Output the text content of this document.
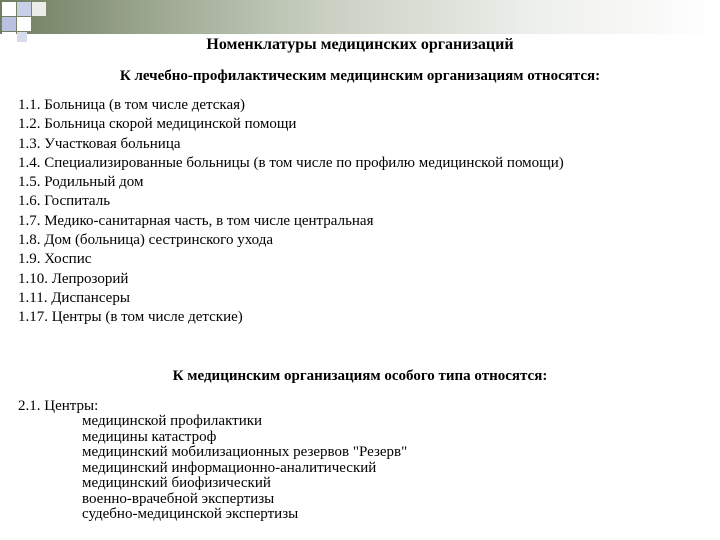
Номенклатуры медицинских организаций
К лечебно-профилактическим медицинским организациям относятся:
1.1. Больница (в том числе детская)
1.2. Больница скорой медицинской помощи
1.3. Участковая больница
1.4. Специализированные больницы (в том числе по профилю медицинской помощи)
1.5. Родильный дом
1.6. Госпиталь
1.7. Медико-санитарная часть, в том числе центральная
1.8. Дом (больница) сестринского ухода
1.9. Хоспис
1.10. Лепрозорий
1.11. Диспансеры
1.17. Центры (в том числе детские)
К медицинским организациям особого типа относятся:
2.1. Центры:
медицинской профилактики
медицины катастроф
медицинский мобилизационных резервов "Резерв"
медицинский информационно-аналитический
медицинский биофизический
военно-врачебной экспертизы
судебно-медицинской экспертизы
